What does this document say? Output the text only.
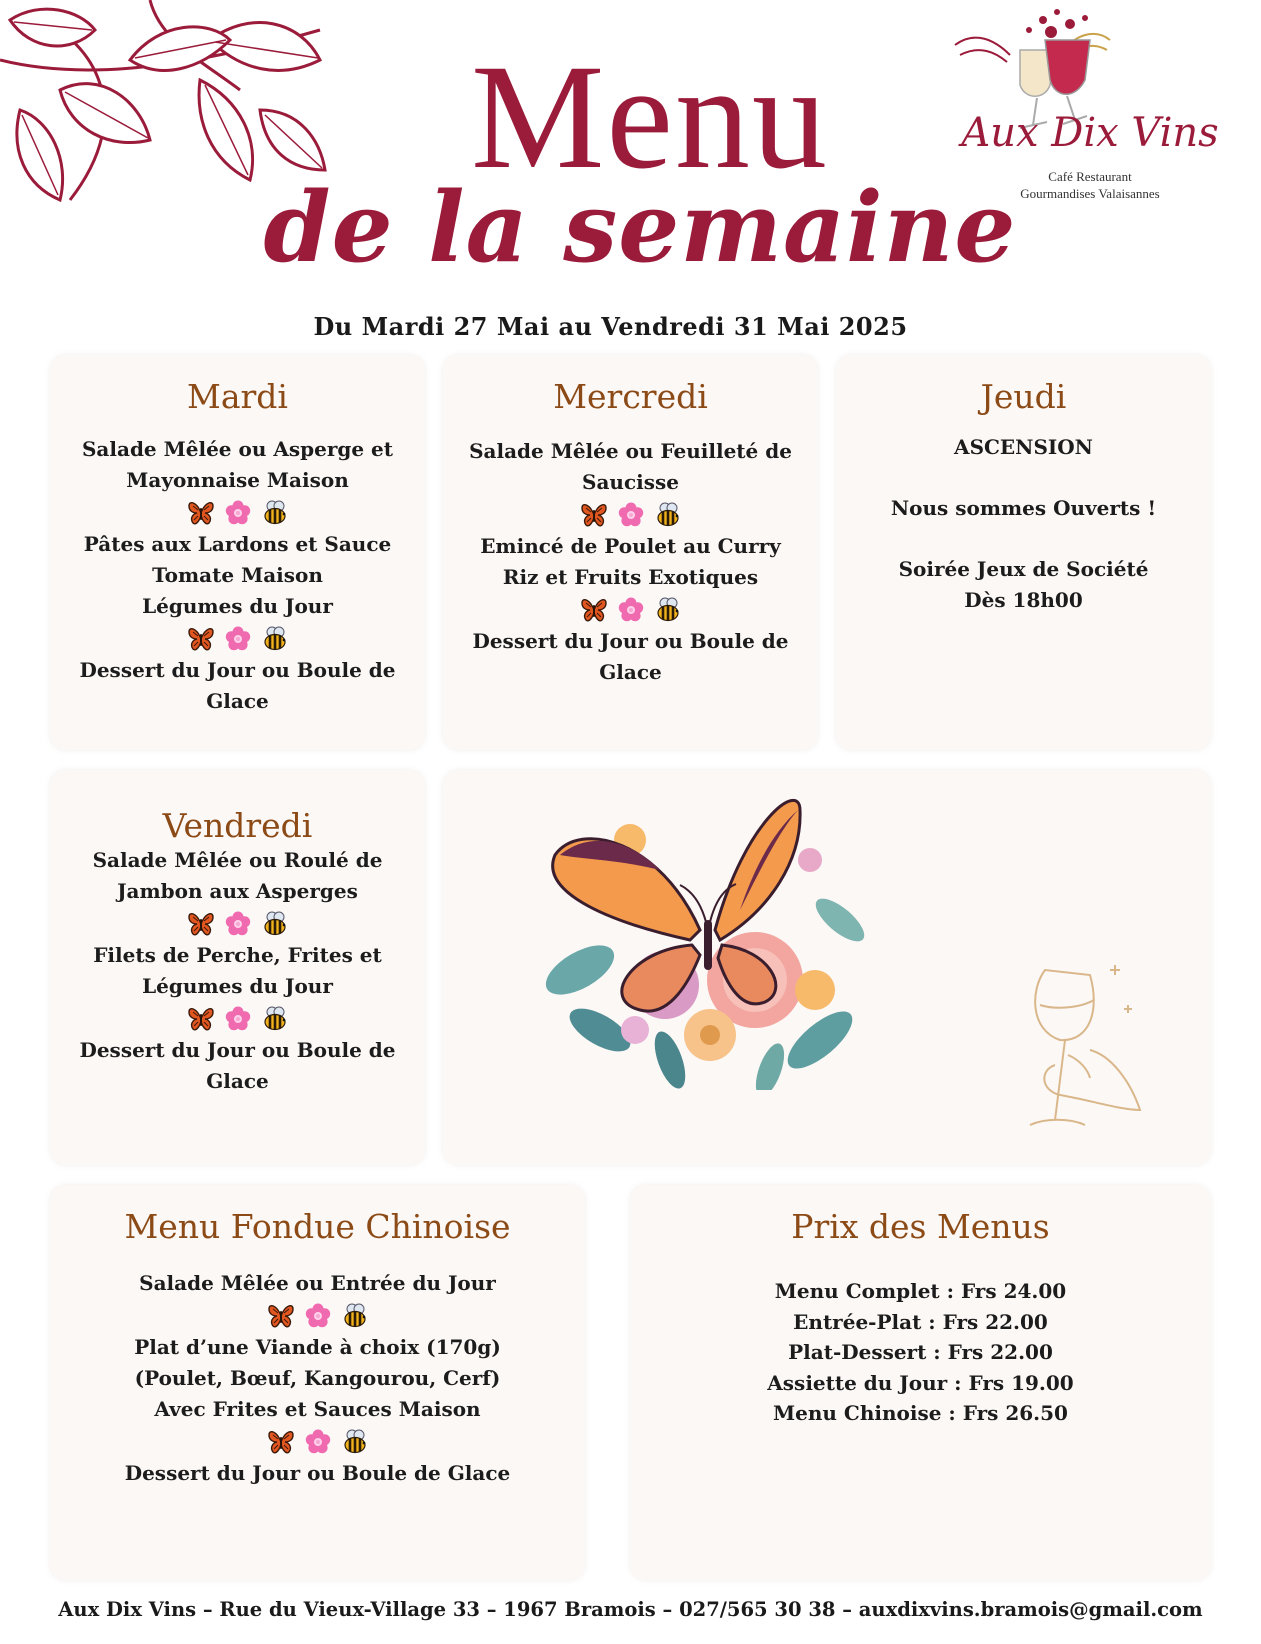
Menu
de la semaine
Aux Dix Vins
Café Restaurant
Gourmandises Valaisannes
Du Mardi 27 Mai au Vendredi 31 Mai 2025
Mardi
Salade Mêlée ou Asperge et
Mayonnaise Maison
Pâtes aux Lardons et Sauce
Tomate Maison
Légumes du Jour
Dessert du Jour ou Boule de
Glace
Mercredi
Salade Mêlée ou Feuilleté de
Saucisse
Emincé de Poulet au Curry
Riz et Fruits Exotiques
Dessert du Jour ou Boule de
Glace
Jeudi
ASCENSION
Nous sommes Ouverts !
Soirée Jeux de Société
Dès 18h00
Vendredi
Salade Mêlée ou Roulé de
Jambon aux Asperges
Filets de Perche, Frites et
Légumes du Jour
Dessert du Jour ou Boule de
Glace
Menu Fondue Chinoise
Salade Mêlée ou Entrée du Jour
Plat d’une Viande à choix (170g)
(Poulet, Bœuf, Kangourou, Cerf)
Avec Frites et Sauces Maison
Dessert du Jour ou Boule de Glace
Prix des Menus
Menu Complet : Frs 24.00
Entrée-Plat : Frs 22.00
Plat-Dessert : Frs 22.00
Assiette du Jour : Frs 19.00
Menu Chinoise : Frs 26.50
Aux Dix Vins – Rue du Vieux-Village 33 – 1967 Bramois – 027/565 30 38 – auxdixvins.bramois@gmail.com
